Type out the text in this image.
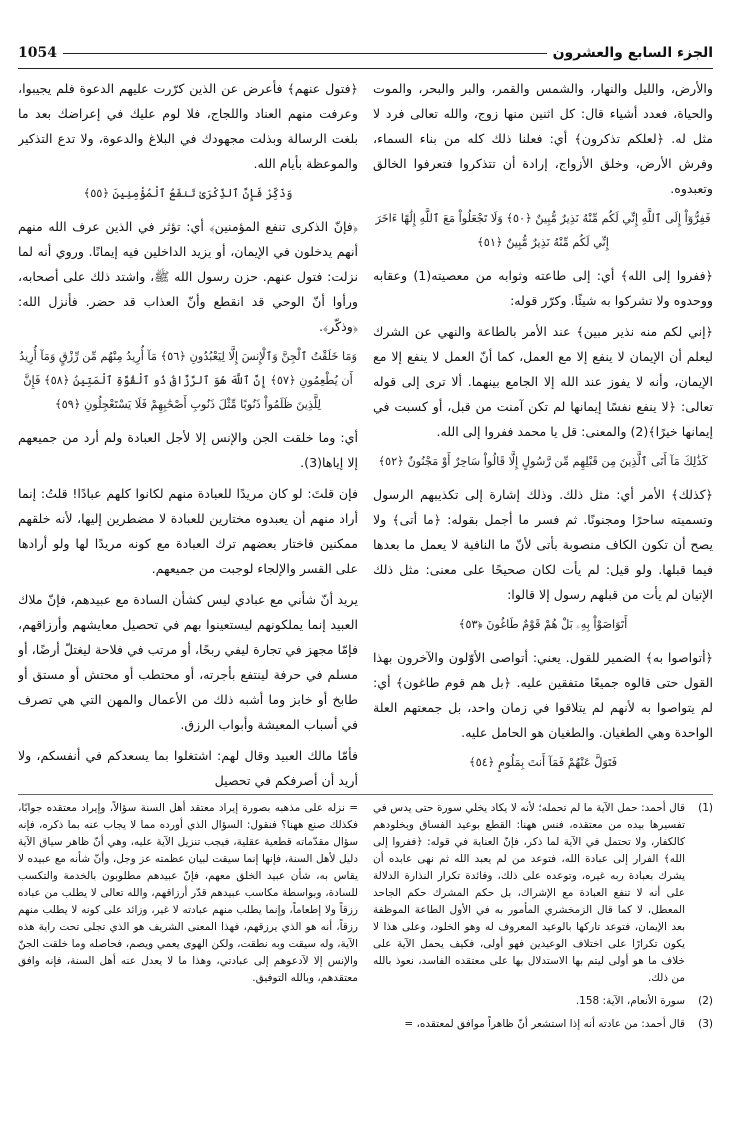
1054	الجزء السابع والعشرون

والأرض، والليل والنهار، والشمس والقمر، والبر والبحر، والموت والحياة، فعدد أشياء قال: كل اثنين منها زوج، والله تعالى فرد لا مثل له. ﴿لعلكم تذكرون﴾ أي: فعلنا ذلك كله من بناء السماء، وفرش الأرض، وخلق الأزواج، إرادة أن تتذكروا فتعرفوا الخالق وتعبدوه.

فَفِرُّوٓاْ إِلَى ٱللَّهِ إِنِّي لَكُم مِّنْهُ نَذِيرٌ مُّبِينٌ ﴿٥٠﴾ وَلَا تَجْعَلُواْ مَعَ ٱللَّهِ إِلَٰهًا ءَاخَرَ إِنِّي لَكُم مِّنْهُ نَذِيرٌ مُّبِينٌ ﴿٥١﴾

﴿ففروا إلى الله﴾ أي: إلى طاعته وثوابه من معصيته(1) وعقابه ووحدوه ولا تشركوا به شيئًا. وكرّر قوله:

﴿إني لكم منه نذير مبين﴾ عند الأمر بالطاعة والنهي عن الشرك ليعلم أن الإيمان لا ينفع إلا مع العمل، كما أنّ العمل لا ينفع إلا مع الإيمان، وأنه لا يفوز عند الله إلا الجامع بينهما. ألا ترى إلى قوله تعالى: ﴿لا ينفع نفسًا إيمانها لم تكن آمنت من قبل، أو كسبت في إيمانها خيرًا﴾(2) والمعنى: قل يا محمد ففروا إلى الله.

كَذَٰلِكَ مَآ أَتَى ٱلَّذِينَ مِن قَبْلِهِم مِّن رَّسُولٍ إِلَّا قَالُواْ سَاحِرٌ أَوْ مَجْنُونٌ ﴿٥٢﴾

﴿كذلك﴾ الأمر أي: مثل ذلك. وذلك إشارة إلى تكذيبهم الرسول وتسميته ساحرًا ومجنونًا. ثم فسر ما أجمل بقوله: ﴿ما أتى﴾ ولا يصح أن تكون الكاف منصوبة بأتى لأنّ ما النافية لا يعمل ما بعدها فيما قبلها. ولو قيل: لم يأت لكان صحيحًا على معنى: مثل ذلك الإتيان لم يأت من قبلهم رسول إلا قالوا:

أَتَوَاصَوْاْ بِهِۦ بَلْ هُمْ قَوْمٌ طَاغُونَ ﴿٥٣﴾

﴿أتواصوا به﴾ الضمير للقول. يعني: أتواصى الأوّلون والآخرون بهذا القول حتى قالوه جميعًا متفقين عليه. ﴿بل هم قوم طاغون﴾ أي: لم يتواصوا به لأنهم لم يتلاقوا في زمان واحد، بل جمعتهم العلة الواحدة وهي الطغيان. والطغيان هو الحامل عليه.

فَتَوَلَّ عَنْهُمْ فَمَآ أَنتَ بِمَلُومٍ ﴿٥٤﴾

﴿فتول عنهم﴾ فأعرض عن الذين كرّرت عليهم الدعوة فلم يجيبوا، وعرفت منهم العناد واللجاج، فلا لوم عليك في إعراضك بعد ما بلغت الرسالة وبذلت مجهودك في البلاغ والدعوة، ولا تدع التذكير والموعظة بأيام الله.

وَذَكِّرْ فَإِنَّ ٱلذِّكْرَىٰ تَنفَعُ ٱلْمُؤْمِنِينَ ﴿٥٥﴾

﴿فإنّ الذكرى تنفع المؤمنين﴾ أي: تؤثر في الذين عرف الله منهم أنهم يدخلون في الإيمان، أو يزيد الداخلين فيه إيمانًا. وروي أنه لما نزلت: فتول عنهم. حزن رسول الله ﷺ، واشتد ذلك على أصحابه، ورأوا أنّ الوحي قد انقطع وأنّ العذاب قد حضر. فأنزل الله: ﴿وذكّر﴾.

وَمَا خَلَقْتُ ٱلْجِنَّ وَٱلْإِنسَ إِلَّا لِيَعْبُدُونِ ﴿٥٦﴾ مَآ أُرِيدُ مِنْهُم مِّن رِّزْقٍ وَمَآ أُرِيدُ أَن يُطْعِمُونِ ﴿٥٧﴾ إِنَّ ٱللَّهَ هُوَ ٱلرَّزَّاقُ ذُو ٱلْقُوَّةِ ٱلْمَتِينُ ﴿٥٨﴾ فَإِنَّ لِلَّذِينَ ظَلَمُواْ ذَنُوبًا مِّثْلَ ذَنُوبِ أَصْحَٰبِهِمْ فَلَا يَسْتَعْجِلُونِ ﴿٥٩﴾

أي: وما خلقت الجن والإنس إلا لأجل العبادة ولم أرد من جميعهم إلا إياها(3).

فإن قلتَ: لو كان مريدًا للعبادة منهم لكانوا كلهم عبادًا! قلتُ: إنما أراد منهم أن يعبدوه مختارين للعبادة لا مضطرين إليها، لأنه خلقهم ممكنين فاختار بعضهم ترك العبادة مع كونه مريدًا لها ولو أرادها على القسر والإلجاء لوجبت من جميعهم.

يريد أنّ شأني مع عبادي ليس كشأن السادة مع عبيدهم، فإنّ ملاك العبيد إنما يملكونهم ليستعينوا بهم في تحصيل معايشهم وأرزاقهم، فإمّا مجهز في تجارة ليفي ربحًا، أو مرتب في فلاحة ليغتلّ أرضًا، أو مسلم في حرفة لينتفع بأجرته، أو محتطب أو محتش أو مستق أو طابخ أو خابز وما أشبه ذلك من الأعمال والمهن التي هي تصرف في أسباب المعيشة وأبواب الرزق.

فأمّا مالك العبيد وقال لهم: اشتغلوا بما يسعدكم في أنفسكم، ولا أريد أن أصرفكم في تحصيل

(1)
قال أحمد: حمل الآية ما لم تحمله؛ لأنه لا يكاد يخلي سورة حتى يدس في تفسيرها بيده من معتقده، فنس ههنا: القطع بوعيد الفساق وبخلودهم كالكفار، ولا تحتمل في الآية لما ذكر، فإنّ العناية في قوله: ﴿ففروا إلى الله﴾ الفرار إلى عبادة الله، فتوعد من لم يعبد الله ثم نهى عابده أن يشرك بعبادة ربه غيره، وتوعده على ذلك، وفائدة تكرار النذارة الدلالة على أنه لا تنفع العبادة مع الإشراك، بل حكم المشرك حكم الجاحد المعطل، لا كما قال الزمخشري المأمور به في الأول الطاعة الموظفة بعد الإيمان، فتوعد تاركها بالوعيد المعروف له وهو الخلود، وعلى هذا لا يكون تكرارًا على اختلاف الوعيدين فهو أولى، فكيف يحمل الآية على خلاف ما هو أولى ليتم بها الاستدلال بها على معتقده الفاسد، نعوذ بالله من ذلك.
(2)
سورة الأنعام، الآية: 158.
(3)
قال أحمد: من عادته أنه إذا استشعر أنّ ظاهراً موافق لمعتقده، =
= نزله على مذهبه بصورة إيراد معتقد أهل السنة سؤالاً، وإيراد معتقده جوابًا، فكذلك صنع ههنا؟ فنقول: السؤال الذي أورده مما لا يجاب عنه بما ذكره، فإنه سؤال مقدّماته قطعية عقلية، فيجب تنزيل الآية عليه، وهي أنّ ظاهر سياق الآية دليل لأهل السنة، فإنها إنما سيقت لبيان عظمته عز وجل، وأنّ شأنه مع عبيده لا يقاس به، شأن عبيد الخلق معهم، فإنّ عبيدهم مطلوبون بالخدمة والتكسب للسادة، وبواسطة مكاسب عبيدهم قدّر أرزاقهم، والله تعالى لا يطلب من عباده رزقاً ولا إطعاماً، وإنما يطلب منهم عبادته لا غير، وزائد على كونه لا يطلب منهم رزقاً، أنه هو الذي يرزقهم، فهذا المعنى الشريف هو الذي تجلى تحت راية هذه الآية، وله سيقت وبه نطقت، ولكن الهوى يعمي ويصم، فحاصله وما خلقت الجنّ والإنس إلا لآدعوهم إلى عبادتي، وهذا ما لا يعدل عنه أهل السنة، فإنه وافق معتقدهم، وبالله التوفيق.
